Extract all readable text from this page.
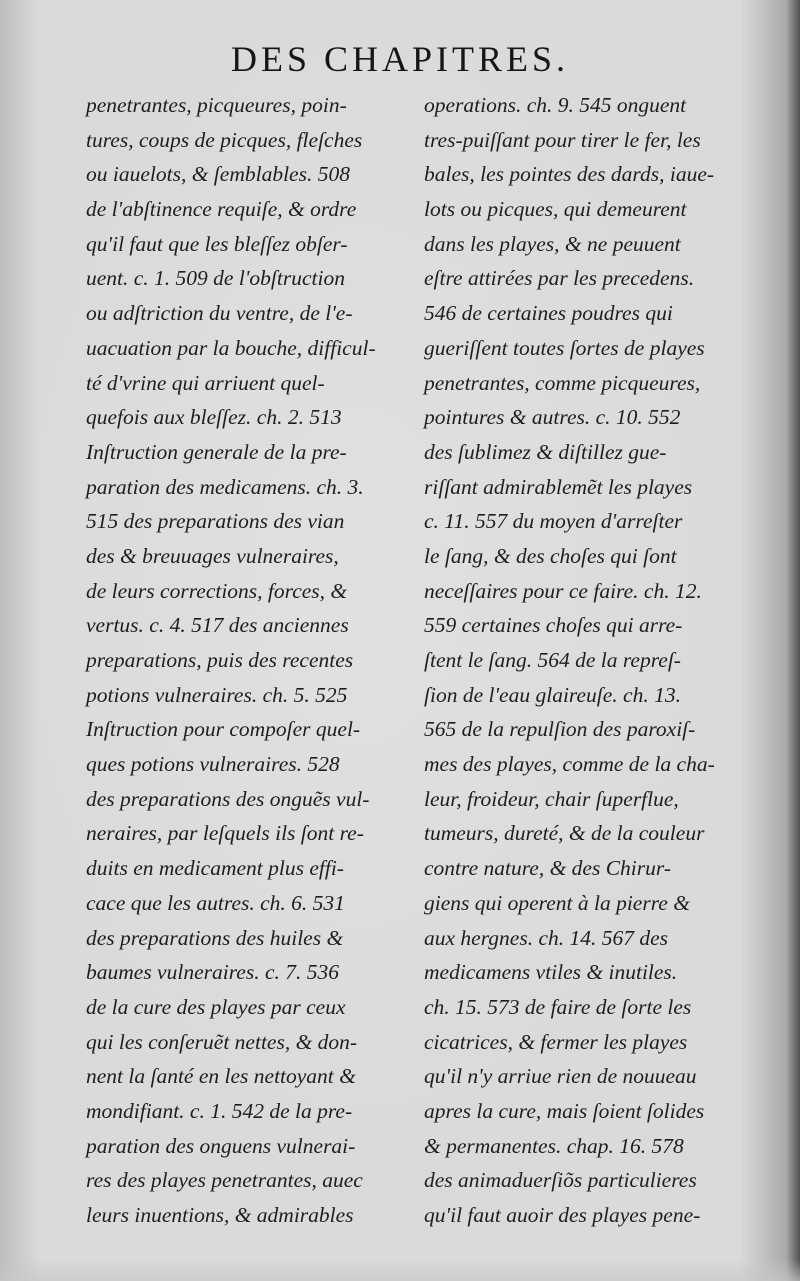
DES CHAPITRES.
penetrantes, picqueures, poin-
tures, coups de picques, fleſches
ou iauelots, & ſemblables. 508
de l'abſtinence requiſe, & ordre
qu'il faut que les bleſſez obſer-
uent. c. 1. 509 de l'obſtruction
ou adſtriction du ventre, de l'e-
uacuation par la bouche, difficul-
té d'vrine qui arriuent quel-
quefois aux bleſſez. ch. 2. 513
Inſtruction generale de la pre-
paration des medicamens. ch. 3.
515 des preparations des vian
des & breuuages vulneraires,
de leurs corrections, forces, &
vertus. c. 4. 517 des anciennes
preparations, puis des recentes
potions vulneraires. ch. 5. 525
Inſtruction pour compoſer quel-
ques potions vulneraires. 528
des preparations des onguẽs vul-
neraires, par leſquels ils ſont re-
duits en medicament plus effi-
cace que les autres. ch. 6. 531
des preparations des huiles &
baumes vulneraires. c. 7. 536
de la cure des playes par ceux
qui les conſeruẽt nettes, & don-
nent la ſanté en les nettoyant &
mondifiant. c. 1. 542 de la pre-
paration des onguens vulnerai-
res des playes penetrantes, auec
leurs inuentions, & admirables
operations. ch. 9. 545 onguent
tres-puiſſant pour tirer le fer, les
bales, les pointes des dards, iaue-
lots ou picques, qui demeurent
dans les playes, & ne peuuent
eſtre attirées par les precedens.
546 de certaines poudres qui
gueriſſent toutes ſortes de playes
penetrantes, comme picqueures,
pointures & autres. c. 10. 552
des ſublimez & diſtillez gue-
riſſant admirablemẽt les playes
c. 11. 557 du moyen d'arreſter
le ſang, & des choſes qui ſont
neceſſaires pour ce faire. ch. 12.
559 certaines choſes qui arre-
ſtent le ſang. 564 de la repreſ-
ſion de l'eau glaireuſe. ch. 13.
565 de la repulſion des paroxiſ-
mes des playes, comme de la cha-
leur, froideur, chair ſuperflue,
tumeurs, dureté, & de la couleur
contre nature, & des Chirur-
giens qui operent à la pierre &
aux hergnes. ch. 14. 567 des
medicamens vtiles & inutiles.
ch. 15. 573 de faire de ſorte les
cicatrices, & fermer les playes
qu'il n'y arriue rien de nouueau
apres la cure, mais ſoient ſolides
& permanentes. chap. 16. 578
des animaduerſiõs particulieres
qu'il faut auoir des playes pene-
